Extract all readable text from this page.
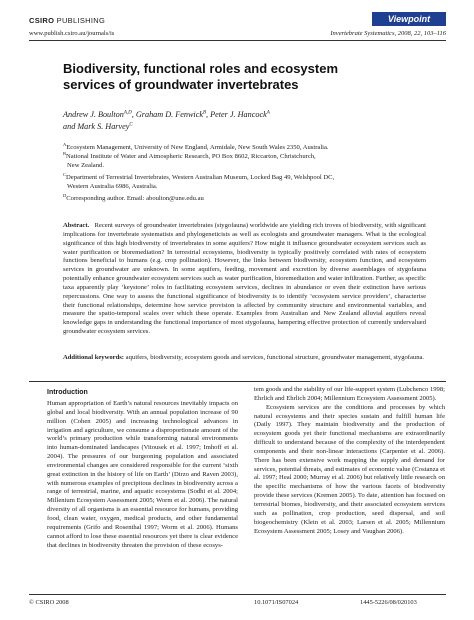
CSIRO PUBLISHING	Viewpoint
www.publish.csiro.au/journals/is	Invertebrate Systematics, 2008, 22, 103–116
Biodiversity, functional roles and ecosystem services of groundwater invertebrates
Andrew J. Boulton$^{A,D}$, Graham D. Fenwick$^B$, Peter J. Hancock$^A$
and Mark S. Harvey$^C$
$^A$Ecosystem Management, University of New England, Armidale, New South Wales 2350, Australia.
$^B$National Institute of Water and Atmospheric Research, PO Box 8602, Riccarton, Christchurch,
New Zealand.
$^C$Department of Terrestrial Invertebrates, Western Australian Museum, Locked Bag 49, Welshpool DC,
Western Australia 6986, Australia.
$^D$Corresponding author. Email: aboulton@une.edu.au
Abstract. Recent surveys of groundwater invertebrates (stygofauna) worldwide are yielding rich troves of biodiversity, with significant implications for invertebrate systematists and phylogeneticists as well as ecologists and groundwater managers. What is the ecological significance of this high biodiversity of invertebrates in some aquifers? How might it influence groundwater ecosystem services such as water purification or bioremediation? In terrestrial ecosystems, biodiversity is typically positively correlated with rates of ecosystem functions beneficial to humans (e.g. crop pollination). However, the links between biodiversity, ecosystem function, and ecosystem services in groundwater are unknown. In some aquifers, feeding, movement and excretion by diverse assemblages of stygofauna potentially enhance groundwater ecosystem services such as water purification, bioremediation and water infiltration. Further, as specific taxa apparently play ‘keystone’ roles in facilitating ecosystem services, declines in abundance or even their extinction have serious repercussions. One way to assess the functional significance of biodiversity is to identify ‘ecosystem service providers’, characterise their functional relationships, determine how service provision is affected by community structure and environmental variables, and measure the spatio-temporal scales over which these operate. Examples from Australian and New Zealand alluvial aquifers reveal knowledge gaps in understanding the functional importance of most stygofauna, hampering effective protection of currently undervalued groundwater ecosystem services.
Additional keywords: aquifers, biodiversity, ecosystem goods and services, functional structure, groundwater management, stygofauna.
Introduction

Human appropriation of Earth’s natural resources inevitably impacts on global and local biodiversity. With an annual population increase of 90 million (Cohen 2005) and increasing technological advances in irrigation and agriculture, we consume a disproportionate amount of the world’s primary production while transforming natural environments into human-dominated landscapes (Vitousek et al. 1997; Imhoff et al. 2004). The pressures of our burgeoning population and associated environmental changes are considered responsible for the current ‘sixth great extinction in the history of life on Earth’ (Dirzo and Raven 2003), with numerous examples of precipitous declines in biodiversity across a range of terrestrial, marine, and aquatic ecosystems (Sodhi et al. 2004; Millenium Ecosystem Assessment 2005; Worm et al. 2006). The natural diversity of all organisms is an essential resource for humans, providing food, clean water, oxygen, medical products, and other fundamental requirements (Grifo and Rosenthal 1997; Worm et al. 2006). Humans cannot afford to lose these essential resources yet there is clear evidence that declines in biodiversity threaten the provision of these ecosys-

tem goods and the stability of our life-support system (Lubchenco 1998; Ehrlich and Ehrlich 2004; Millennium Ecosystem Assessment 2005).

Ecosystem services are the conditions and processes by which natural ecosystems and their species sustain and fulfill human life (Daily 1997). They maintain biodiversity and the production of ecosystem goods yet their functional mechanisms are extraordinarily difficult to understand because of the complexity of the interdependent components and their non-linear interactions (Carpenter et al. 2006). There has been extensive work mapping the supply and demand for services, potential threats, and estimates of economic value (Costanza et al. 1997; Heal 2000; Murray et al. 2006) but relatively little research on the specific mechanisms of how the various facets of biodiversity provide these services (Kremen 2005). To date, attention has focused on terrestrial biomes, biodiversity, and their associated ecosystem services such as pollination, crop production, seed dispersal, and soil biogeochemistry (Klein et al. 2003; Larsen et al. 2005; Millennium Ecosystem Assessment 2005; Losey and Vaughan 2006).

© CSIRO 2008	10.1071/IS07024	1445-5226/08/020103
